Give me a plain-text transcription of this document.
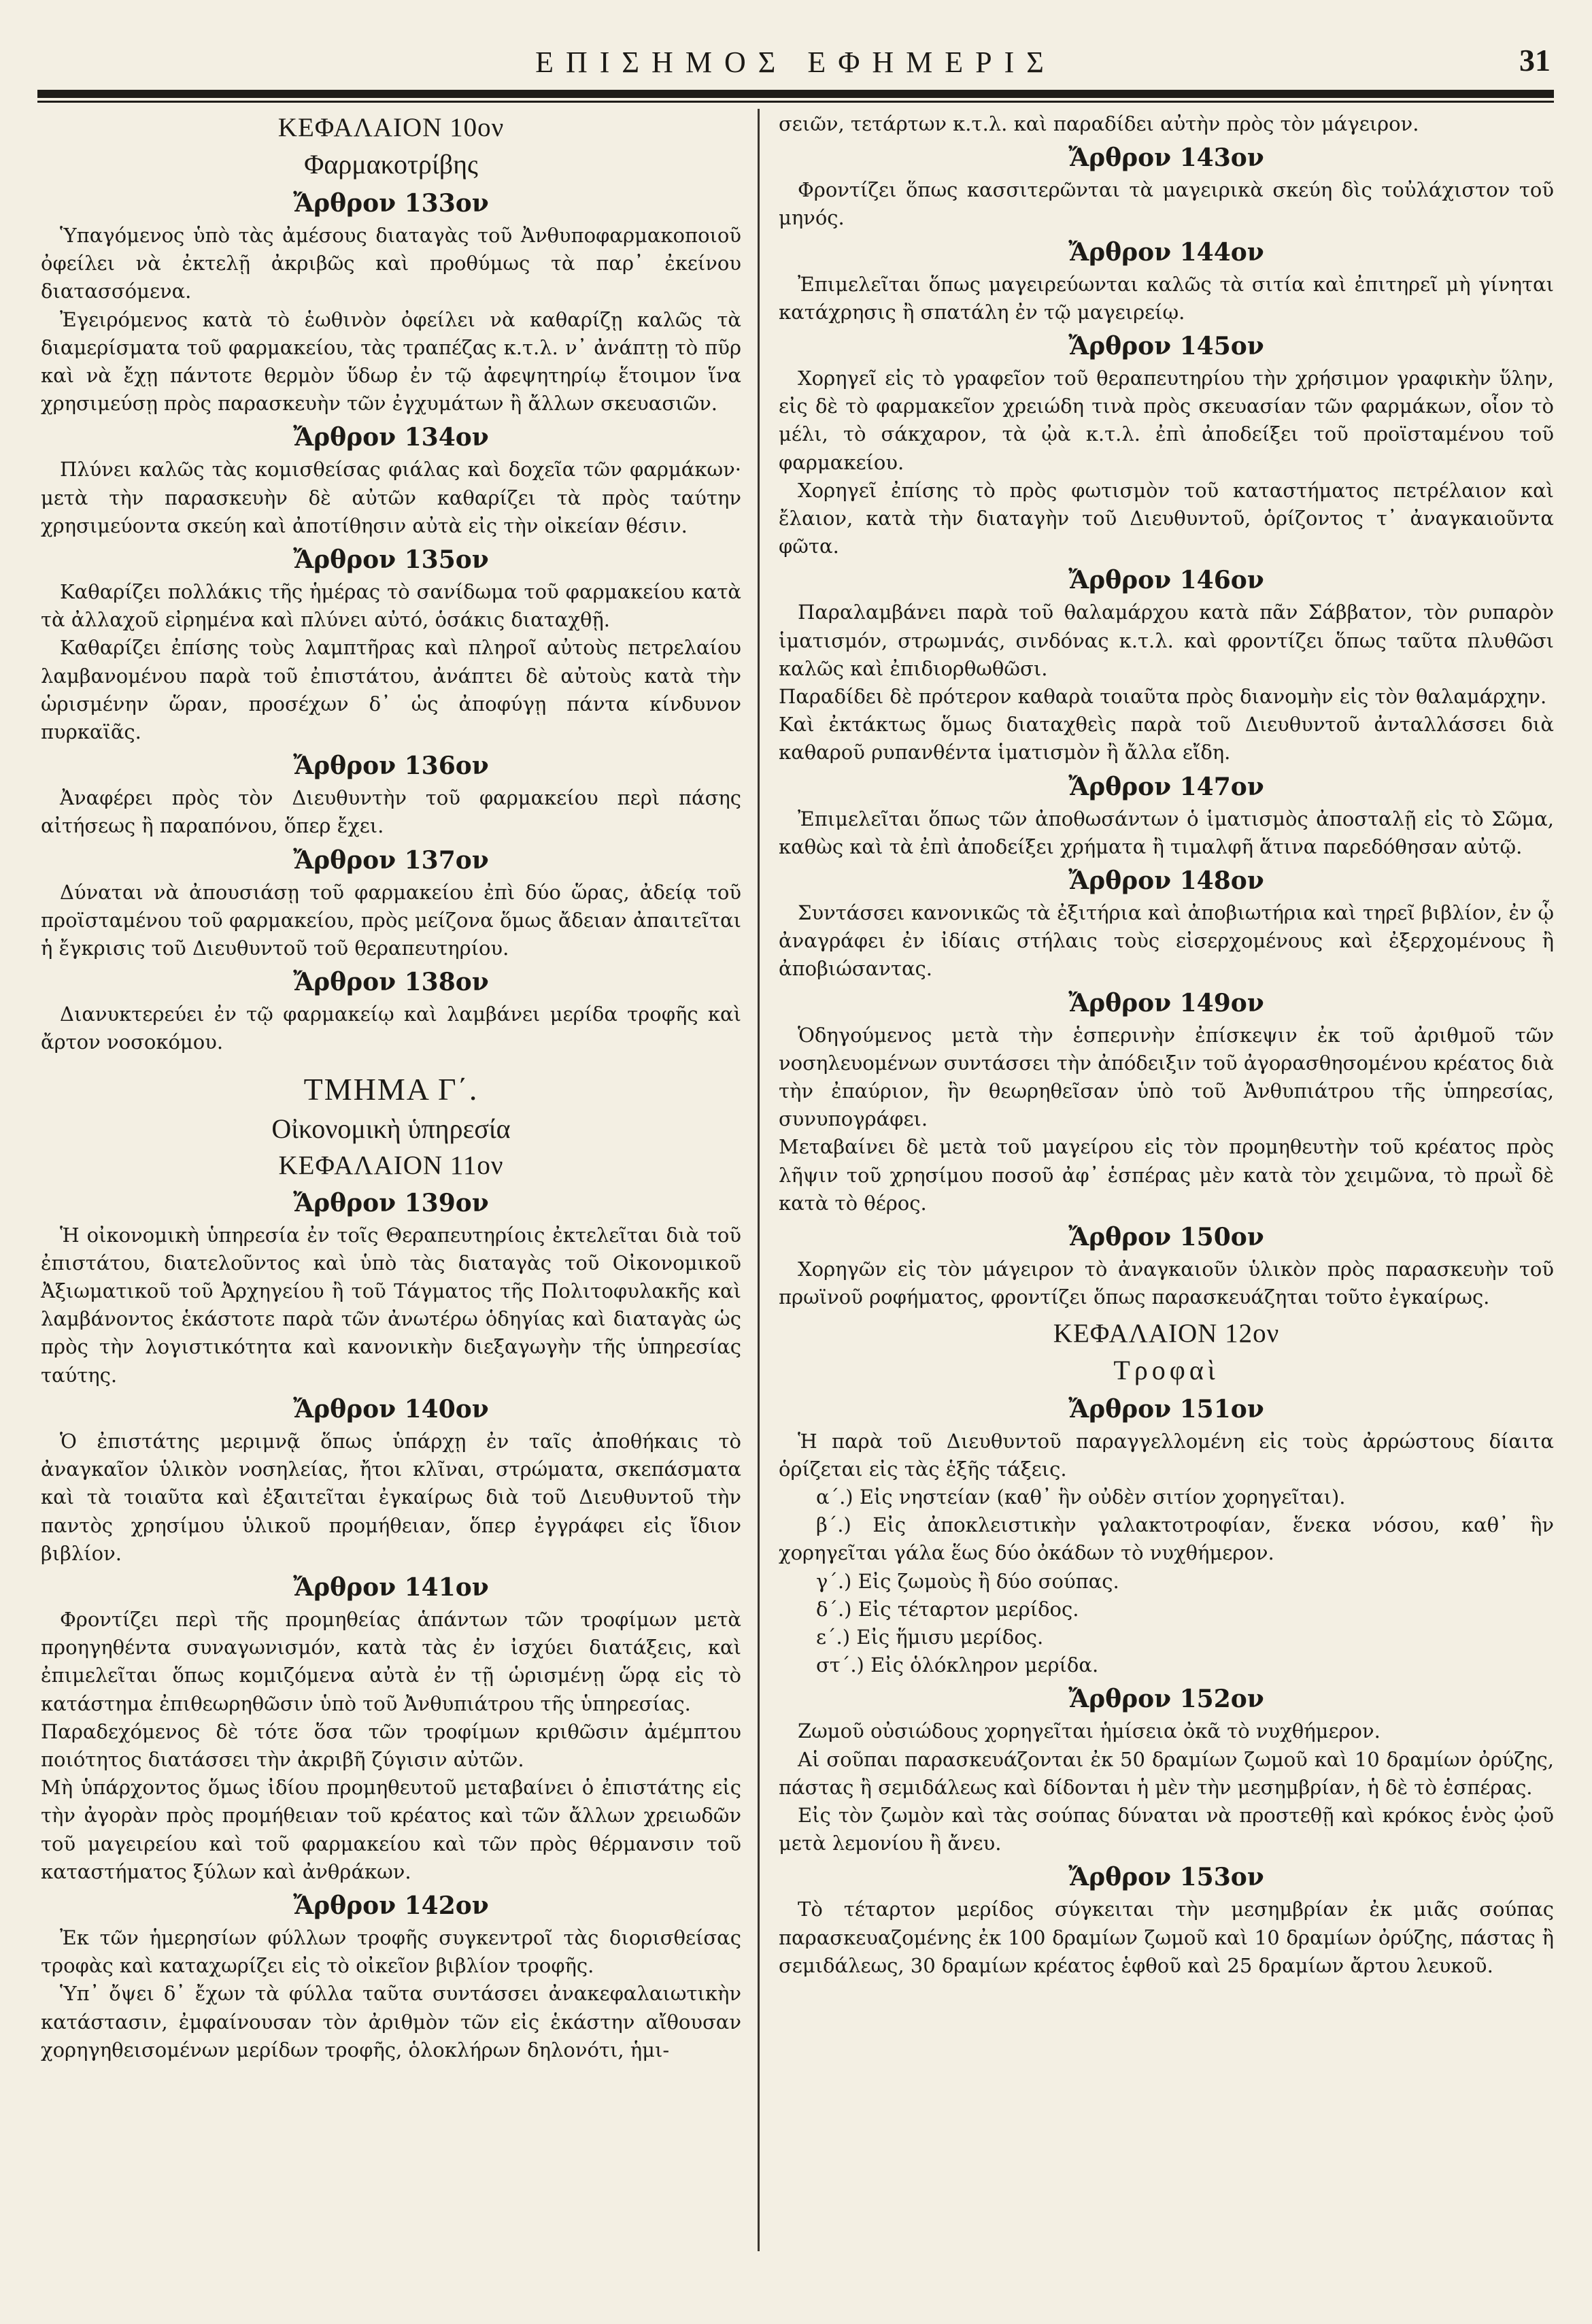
ΕΠΙΣΗΜΟΣ ΕΦΗΜΕΡΙΣ	31

ΚΕΦΑΛΑΙΟΝ 10ον

Φαρμακοτρίβης

Ἄρθρον 133ον

Ὑπαγόμενος ὑπὸ τὰς ἀμέσους διαταγὰς τοῦ Ἀνθυποφαρμακοποιοῦ ὀφείλει νὰ ἐκτελῇ ἀκριβῶς καὶ προθύμως τὰ παρ᾽ ἐκείνου διατασσόμενα.

Ἐγειρόμενος κατὰ τὸ ἑωθινὸν ὀφείλει νὰ καθαρίζῃ καλῶς τὰ διαμερίσματα τοῦ φαρμακείου, τὰς τραπέζας κ.τ.λ. ν᾽ ἀνάπτῃ τὸ πῦρ καὶ νὰ ἔχῃ πάντοτε θερμὸν ὕδωρ ἐν τῷ ἀφεψητηρίῳ ἕτοιμον ἵνα χρησιμεύσῃ πρὸς παρασκευὴν τῶν ἐγχυμάτων ἢ ἄλλων σκευασιῶν.

Ἄρθρον 134ον

Πλύνει καλῶς τὰς κομισθείσας φιάλας καὶ δοχεῖα τῶν φαρμάκων· μετὰ τὴν παρασκευὴν δὲ αὐτῶν καθαρίζει τὰ πρὸς ταύτην χρησιμεύοντα σκεύη καὶ ἀποτίθησιν αὐτὰ εἰς τὴν οἰκείαν θέσιν.

Ἄρθρον 135ον

Καθαρίζει πολλάκις τῆς ἡμέρας τὸ σανίδωμα τοῦ φαρμακείου κατὰ τὰ ἀλλαχοῦ εἰρημένα καὶ πλύνει αὐτό, ὁσάκις διαταχθῇ.

Καθαρίζει ἐπίσης τοὺς λαμπτῆρας καὶ πληροῖ αὐτοὺς πετρελαίου λαμβανομένου παρὰ τοῦ ἐπιστάτου, ἀνάπτει δὲ αὐτοὺς κατὰ τὴν ὡρισμένην ὥραν, προσέχων δ᾽ ὡς ἀποφύγῃ πάντα κίνδυνον πυρκαϊᾶς.

Ἄρθρον 136ον

Ἀναφέρει πρὸς τὸν Διευθυντὴν τοῦ φαρμακείου περὶ πάσης αἰτήσεως ἢ παραπόνου, ὅπερ ἔχει.

Ἄρθρον 137ον

Δύναται νὰ ἀπουσιάσῃ τοῦ φαρμακείου ἐπὶ δύο ὥρας, ἀδείᾳ τοῦ προϊσταμένου τοῦ φαρμακείου, πρὸς μείζονα ὅμως ἄδειαν ἀπαιτεῖται ἡ ἔγκρισις τοῦ Διευθυντοῦ τοῦ θεραπευτηρίου.

Ἄρθρον 138ον

Διανυκτερεύει ἐν τῷ φαρμακείῳ καὶ λαμβάνει μερίδα τροφῆς καὶ ἄρτον νοσοκόμου.

ΤΜΗΜΑ Γ΄.

Οἰκονομικὴ ὑπηρεσία

ΚΕΦΑΛΑΙΟΝ 11ον

Ἄρθρον 139ον

Ἡ οἰκονομικὴ ὑπηρεσία ἐν τοῖς Θεραπευτηρίοις ἐκτελεῖται διὰ τοῦ ἐπιστάτου, διατελοῦντος καὶ ὑπὸ τὰς διαταγὰς τοῦ Οἰκονομικοῦ Ἀξιωματικοῦ τοῦ Ἀρχηγείου ἢ τοῦ Τάγματος τῆς Πολιτοφυλακῆς καὶ λαμβάνοντος ἑκάστοτε παρὰ τῶν ἀνωτέρω ὁδηγίας καὶ διαταγὰς ὡς πρὸς τὴν λογιστικότητα καὶ κανονικὴν διεξαγωγὴν τῆς ὑπηρεσίας ταύτης.

Ἄρθρον 140ον

Ὁ ἐπιστάτης μεριμνᾷ ὅπως ὑπάρχῃ ἐν ταῖς ἀποθήκαις τὸ ἀναγκαῖον ὑλικὸν νοσηλείας, ἤτοι κλῖναι, στρώματα, σκεπάσματα καὶ τὰ τοιαῦτα καὶ ἐξαιτεῖται ἐγκαίρως διὰ τοῦ Διευθυντοῦ τὴν παντὸς χρησίμου ὑλικοῦ προμήθειαν, ὅπερ ἐγγράφει εἰς ἴδιον βιβλίον.

Ἄρθρον 141ον

Φροντίζει περὶ τῆς προμηθείας ἁπάντων τῶν τροφίμων μετὰ προηγηθέντα συναγωνισμόν, κατὰ τὰς ἐν ἰσχύει διατάξεις, καὶ ἐπιμελεῖται ὅπως κομιζόμενα αὐτὰ ἐν τῇ ὡρισμένῃ ὥρᾳ εἰς τὸ κατάστημα ἐπιθεωρηθῶσιν ὑπὸ τοῦ Ἀνθυπιάτρου τῆς ὑπηρεσίας.

Παραδεχόμενος δὲ τότε ὅσα τῶν τροφίμων κριθῶσιν ἀμέμπτου ποιότητος διατάσσει τὴν ἀκριβῆ ζύγισιν αὐτῶν.

Μὴ ὑπάρχοντος ὅμως ἰδίου προμηθευτοῦ μεταβαίνει ὁ ἐπιστάτης εἰς τὴν ἀγορὰν πρὸς προμήθειαν τοῦ κρέατος καὶ τῶν ἄλλων χρειωδῶν τοῦ μαγειρείου καὶ τοῦ φαρμακείου καὶ τῶν πρὸς θέρμανσιν τοῦ καταστήματος ξύλων καὶ ἀνθράκων.

Ἄρθρον 142ον

Ἐκ τῶν ἡμερησίων φύλλων τροφῆς συγκεντροῖ τὰς διορισθείσας τροφὰς καὶ καταχωρίζει εἰς τὸ οἰκεῖον βιβλίον τροφῆς.

Ὑπ᾽ ὄψει δ᾽ ἔχων τὰ φύλλα ταῦτα συντάσσει ἀνακεφαλαιωτικὴν κατάστασιν, ἐμφαίνουσαν τὸν ἀριθμὸν τῶν εἰς ἑκάστην αἴθουσαν χορηγηθεισομένων μερίδων τροφῆς, ὁλοκλήρων δηλονότι, ἡμι-

σειῶν, τετάρτων κ.τ.λ. καὶ παραδίδει αὐτὴν πρὸς τὸν μάγειρον.

Ἄρθρον 143ον

Φροντίζει ὅπως κασσιτερῶνται τὰ μαγειρικὰ σκεύη δὶς τοὐλάχιστον τοῦ μηνός.

Ἄρθρον 144ον

Ἐπιμελεῖται ὅπως μαγειρεύωνται καλῶς τὰ σιτία καὶ ἐπιτηρεῖ μὴ γίνηται κατάχρησις ἢ σπατάλη ἐν τῷ μαγειρείῳ.

Ἄρθρον 145ον

Χορηγεῖ εἰς τὸ γραφεῖον τοῦ θεραπευτηρίου τὴν χρήσιμον γραφικὴν ὕλην, εἰς δὲ τὸ φαρμακεῖον χρειώδη τινὰ πρὸς σκευασίαν τῶν φαρμάκων, οἷον τὸ μέλι, τὸ σάκχαρον, τὰ ᾠὰ κ.τ.λ. ἐπὶ ἀποδείξει τοῦ προϊσταμένου τοῦ φαρμακείου.

Χορηγεῖ ἐπίσης τὸ πρὸς φωτισμὸν τοῦ καταστήματος πετρέλαιον καὶ ἔλαιον, κατὰ τὴν διαταγὴν τοῦ Διευθυντοῦ, ὁρίζοντος τ᾽ ἀναγκαιοῦντα φῶτα.

Ἄρθρον 146ον

Παραλαμβάνει παρὰ τοῦ θαλαμάρχου κατὰ πᾶν Σάββατον, τὸν ρυπαρὸν ἱματισμόν, στρωμνάς, σινδόνας κ.τ.λ. καὶ φροντίζει ὅπως ταῦτα πλυθῶσι καλῶς καὶ ἐπιδιορθωθῶσι.

Παραδίδει δὲ πρότερον καθαρὰ τοιαῦτα πρὸς διανομὴν εἰς τὸν θαλαμάρχην.

Καὶ ἐκτάκτως ὅμως διαταχθεὶς παρὰ τοῦ Διευθυντοῦ ἀνταλλάσσει διὰ καθαροῦ ρυπανθέντα ἱματισμὸν ἢ ἄλλα εἴδη.

Ἄρθρον 147ον

Ἐπιμελεῖται ὅπως τῶν ἀποθωσάντων ὁ ἱματισμὸς ἀποσταλῇ εἰς τὸ Σῶμα, καθὼς καὶ τὰ ἐπὶ ἀποδείξει χρήματα ἢ τιμαλφῆ ἅτινα παρεδόθησαν αὐτῷ.

Ἄρθρον 148ον

Συντάσσει κανονικῶς τὰ ἐξιτήρια καὶ ἀποβιωτήρια καὶ τηρεῖ βιβλίον, ἐν ᾧ ἀναγράφει ἐν ἰδίαις στήλαις τοὺς εἰσερχομένους καὶ ἐξερχομένους ἢ ἀποβιώσαντας.

Ἄρθρον 149ον

Ὁδηγούμενος μετὰ τὴν ἑσπερινὴν ἐπίσκεψιν ἐκ τοῦ ἀριθμοῦ τῶν νοσηλευομένων συντάσσει τὴν ἀπόδειξιν τοῦ ἀγορασθησομένου κρέατος διὰ τὴν ἐπαύριον, ἣν θεωρηθεῖσαν ὑπὸ τοῦ Ἀνθυπιάτρου τῆς ὑπηρεσίας, συνυπογράφει.

Μεταβαίνει δὲ μετὰ τοῦ μαγείρου εἰς τὸν προμηθευτὴν τοῦ κρέατος πρὸς λῆψιν τοῦ χρησίμου ποσοῦ ἀφ᾽ ἑσπέρας μὲν κατὰ τὸν χειμῶνα, τὸ πρωῒ δὲ κατὰ τὸ θέρος.

Ἄρθρον 150ον

Χορηγῶν εἰς τὸν μάγειρον τὸ ἀναγκαιοῦν ὑλικὸν πρὸς παρασκευὴν τοῦ πρωϊνοῦ ροφήματος, φροντίζει ὅπως παρασκευάζηται τοῦτο ἐγκαίρως.

ΚΕΦΑΛΑΙΟΝ 12ον

Τροφαὶ

Ἄρθρον 151ον

Ἡ παρὰ τοῦ Διευθυντοῦ παραγγελλομένη εἰς τοὺς ἀρρώστους δίαιτα ὁρίζεται εἰς τὰς ἑξῆς τάξεις.

α΄.) Εἰς νηστείαν (καθ᾽ ἣν οὐδὲν σιτίον χορηγεῖται).

β΄.) Εἰς ἀποκλειστικὴν γαλακτοτροφίαν, ἕνεκα νόσου, καθ᾽ ἣν χορηγεῖται γάλα ἕως δύο ὀκάδων τὸ νυχθήμερον.

γ΄.) Εἰς ζωμοὺς ἢ δύο σούπας.

δ΄.) Εἰς τέταρτον μερίδος.

ε΄.) Εἰς ἥμισυ μερίδος.

στ΄.) Εἰς ὁλόκληρον μερίδα.

Ἄρθρον 152ον

Ζωμοῦ οὐσιώδους χορηγεῖται ἡμίσεια ὀκᾶ τὸ νυχθήμερον.

Αἱ σοῦπαι παρασκευάζονται ἐκ 50 δραμίων ζωμοῦ καὶ 10 δραμίων ὀρύζης, πάστας ἢ σεμιδάλεως καὶ δίδονται ἡ μὲν τὴν μεσημβρίαν, ἡ δὲ τὸ ἑσπέρας.

Εἰς τὸν ζωμὸν καὶ τὰς σούπας δύναται νὰ προστεθῇ καὶ κρόκος ἑνὸς ᾠοῦ μετὰ λεμονίου ἢ ἄνευ.

Ἄρθρον 153ον

Τὸ τέταρτον μερίδος σύγκειται τὴν μεσημβρίαν ἐκ μιᾶς σούπας παρασκευαζομένης ἐκ 100 δραμίων ζωμοῦ καὶ 10 δραμίων ὀρύζης, πάστας ἢ σεμιδάλεως, 30 δραμίων κρέατος ἑφθοῦ καὶ 25 δραμίων ἄρτου λευκοῦ.
